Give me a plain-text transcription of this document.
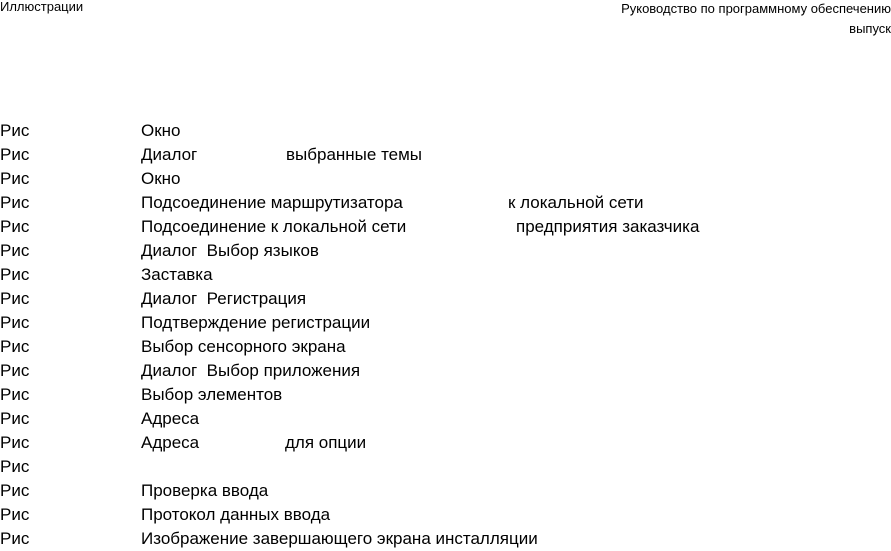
Иллюстрации	Руководство по программному обеспечению
выпуск
Рис	Окно
Рис	Диалог	выбранные темы
Рис	Окно
Рис	Подсоединение маршрутизатора	к локальной сети
Рис	Подсоединение к локальной сети	предприятия заказчика
Рис	Диалог  Выбор языков
Рис	Заставка
Рис	Диалог  Регистрация
Рис	Подтверждение регистрации
Рис	Выбор сенсорного экрана
Рис	Диалог  Выбор приложения
Рис	Выбор элементов
Рис	Адреса
Рис	Адреса	для опции
Рис
Рис	Проверка ввода
Рис	Протокол данных ввода
Рис	Изображение завершающего экрана инсталляции
